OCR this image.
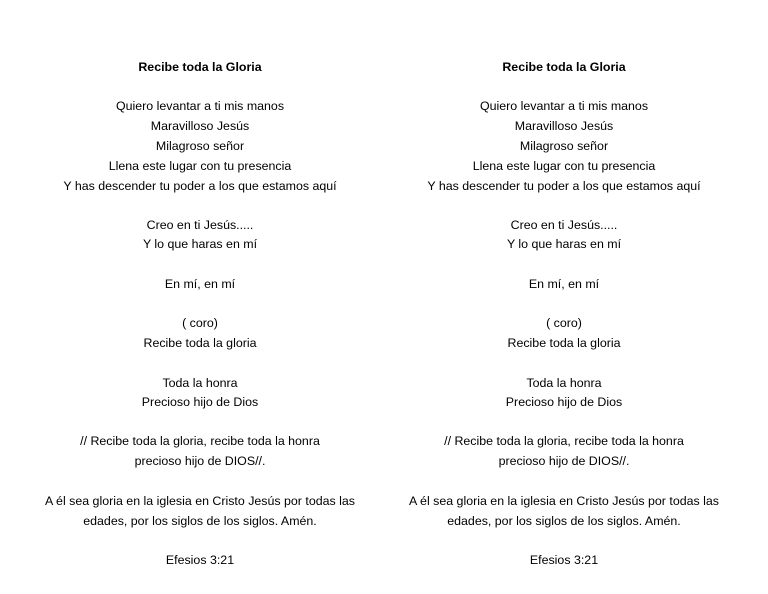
Recibe toda la Gloria
Quiero levantar a ti mis manos
Maravilloso Jesús
Milagroso señor
Llena este lugar con tu presencia
Y has descender tu poder a los que estamos aquí
Creo en ti Jesús.....
Y lo que haras en mí
En mí, en mí
( coro)
Recibe toda la gloria
Toda la honra
Precioso hijo de Dios
// Recibe toda la gloria, recibe toda la honra
precioso hijo de DIOS//.
A él sea gloria en la iglesia en Cristo Jesús por todas las
edades, por los siglos de los siglos. Amén.
Efesios 3:21
Recibe toda la Gloria
Quiero levantar a ti mis manos
Maravilloso Jesús
Milagroso señor
Llena este lugar con tu presencia
Y has descender tu poder a los que estamos aquí
Creo en ti Jesús.....
Y lo que haras en mí
En mí, en mí
( coro)
Recibe toda la gloria
Toda la honra
Precioso hijo de Dios
// Recibe toda la gloria, recibe toda la honra
precioso hijo de DIOS//.
A él sea gloria en la iglesia en Cristo Jesús por todas las
edades, por los siglos de los siglos. Amén.
Efesios 3:21
